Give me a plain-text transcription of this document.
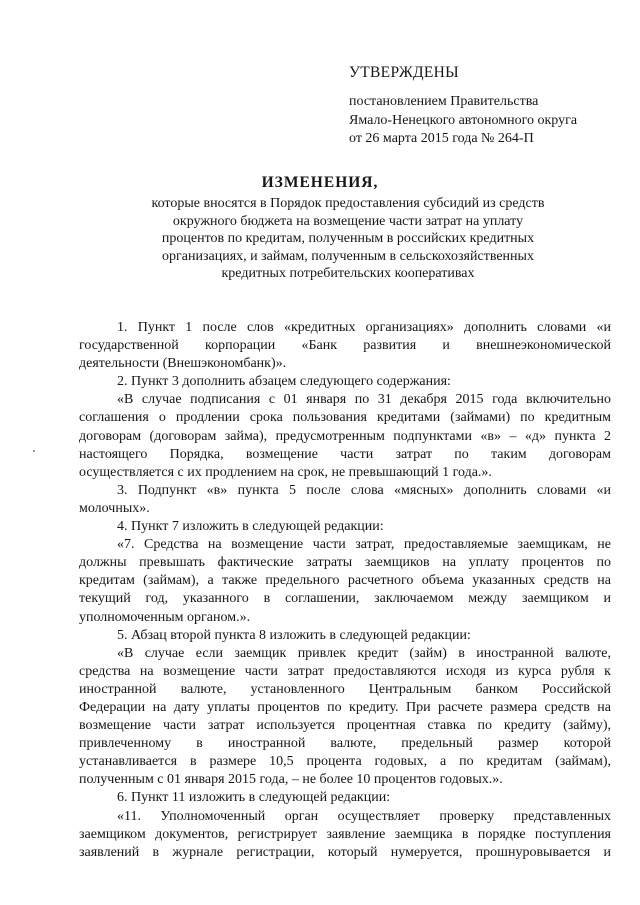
УТВЕРЖДЕНЫ
постановлением Правительства
Ямало-Ненецкого автономного округа
от 26 марта 2015 года № 264-П
ИЗМЕНЕНИЯ,
которые вносятся в Порядок предоставления субсидий из средств
окружного бюджета на возмещение части затрат на уплату
процентов по кредитам, полученным в российских кредитных
организациях, и займам, полученным в сельскохозяйственных
кредитных потребительских кооперативах
1. Пункт 1 после слов «кредитных организациях» дополнить словами «и
государственной корпорации «Банк развития и внешнеэкономической
деятельности (Внешэкономбанк)».
2. Пункт 3 дополнить абзацем следующего содержания:
«В случае подписания с 01 января по 31 декабря 2015 года включительно
соглашения о продлении срока пользования кредитами (займами) по кредитным
договорам (договорам займа), предусмотренным подпунктами «в» – «д» пункта 2
настоящего Порядка, возмещение части затрат по таким договорам
осуществляется с их продлением на срок, не превышающий 1 года.».
3. Подпункт «в» пункта 5 после слова «мясных» дополнить словами «и
молочных».
4. Пункт 7 изложить в следующей редакции:
«7. Средства на возмещение части затрат, предоставляемые заемщикам, не
должны превышать фактические затраты заемщиков на уплату процентов по
кредитам (займам), а также предельного расчетного объема указанных средств на
текущий год, указанного в соглашении, заключаемом между заемщиком и
уполномоченным органом.».
5. Абзац второй пункта 8 изложить в следующей редакции:
«В случае если заемщик привлек кредит (займ) в иностранной валюте,
средства на возмещение части затрат предоставляются исходя из курса рубля к
иностранной валюте, установленного Центральным банком Российской
Федерации на дату уплаты процентов по кредиту. При расчете размера средств на
возмещение части затрат используется процентная ставка по кредиту (займу),
привлеченному в иностранной валюте, предельный размер которой
устанавливается в размере 10,5 процента годовых, а по кредитам (займам),
полученным с 01 января 2015 года, – не более 10 процентов годовых.».
6. Пункт 11 изложить в следующей редакции:
«11. Уполномоченный орган осуществляет проверку представленных
заемщиком документов, регистрирует заявление заемщика в порядке поступления
заявлений в журнале регистрации, который нумеруется, прошнуровывается и
